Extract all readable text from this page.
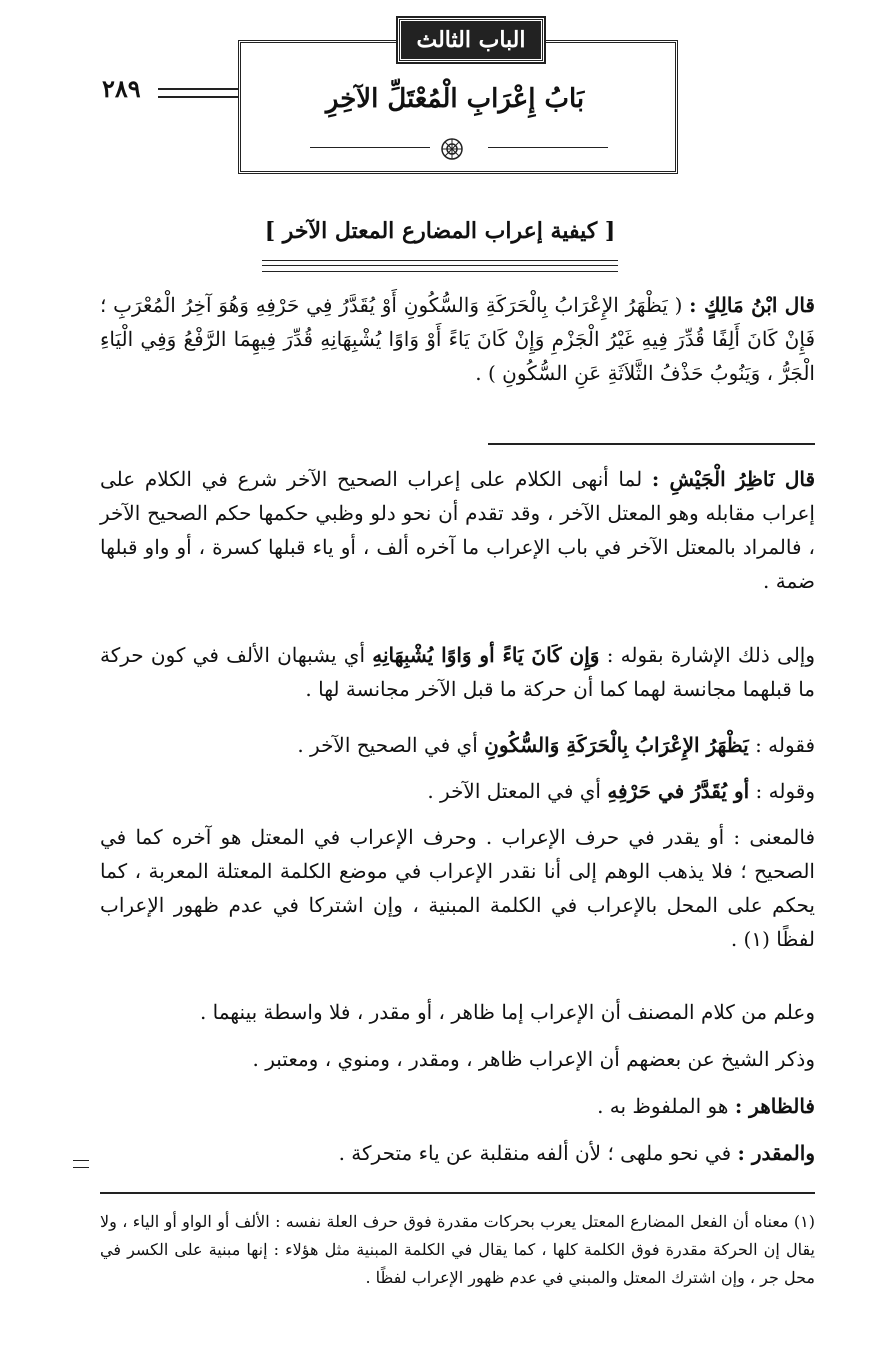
الباب الثالث
بَابُ إِعْرَابِ الْمُعْتَلِّ الآخِرِ
٢٨٩
[ كيفية إعراب المضارع المعتل الآخر ]

قال ابْنُ مَالِكٍ : ( يَظْهَرُ الإِعْرَابُ بِالْحَرَكَةِ وَالسُّكُونِ أَوْ يُقَدَّرُ فِي حَرْفِهِ وَهُوَ آخِرُ الْمُعْرَبِ ؛ فَإِنْ كَانَ أَلِفًا قُدِّرَ فِيهِ غَيْرُ الْجَزْمِ وَإِنْ كَانَ يَاءً أَوْ وَاوًا يُشْبِهَانِهِ قُدِّرَ فِيهِمَا الرَّفْعُ وَفِي الْيَاءِ الْجَرُّ ، وَيَنُوبُ حَذْفُ الثَّلاَثَةِ عَنِ السُّكُونِ ) .

قال نَاظِرُ الْجَيْشِ : لما أنهى الكلام على إعراب الصحيح الآخر شرع في الكلام على إعراب مقابله وهو المعتل الآخر ، وقد تقدم أن نحو دلو وظبي حكمها حكم الصحيح الآخر ، فالمراد بالمعتل الآخر في باب الإعراب ما آخره ألف ، أو ياء قبلها كسرة ، أو واو قبلها ضمة .

وإلى ذلك الإشارة بقوله : وَإِن كَانَ يَاءً أو وَاوًا يُشْبِهَانِهِ أي يشبهان الألف في كون حركة ما قبلهما مجانسة لهما كما أن حركة ما قبل الآخر مجانسة لها .

فقوله : يَظْهَرُ الإِعْرَابُ بِالْحَرَكَةِ وَالسُّكُونِ أي في الصحيح الآخر .

وقوله : أو يُقَدَّرُ في حَرْفِهِ أي في المعتل الآخر .

فالمعنى : أو يقدر في حرف الإعراب . وحرف الإعراب في المعتل هو آخره كما في الصحيح ؛ فلا يذهب الوهم إلى أنا نقدر الإعراب في موضع الكلمة المعتلة المعربة ، كما يحكم على المحل بالإعراب في الكلمة المبنية ، وإن اشتركا في عدم ظهور الإعراب لفظًا (١) .

وعلم من كلام المصنف أن الإعراب إما ظاهر ، أو مقدر ، فلا واسطة بينهما .

وذكر الشيخ عن بعضهم أن الإعراب ظاهر ، ومقدر ، ومنوي ، ومعتبر .

فالظاهر : هو الملفوظ به .

والمقدر : في نحو ملهى ؛ لأن ألفه منقلبة عن ياء متحركة .

(١) معناه أن الفعل المضارع المعتل يعرب بحركات مقدرة فوق حرف العلة نفسه : الألف أو الواو أو الياء ، ولا يقال إن الحركة مقدرة فوق الكلمة كلها ، كما يقال في الكلمة المبنية مثل هؤلاء : إنها مبنية على الكسر في محل جر ، وإن اشترك المعتل والمبني في عدم ظهور الإعراب لفظًا .
